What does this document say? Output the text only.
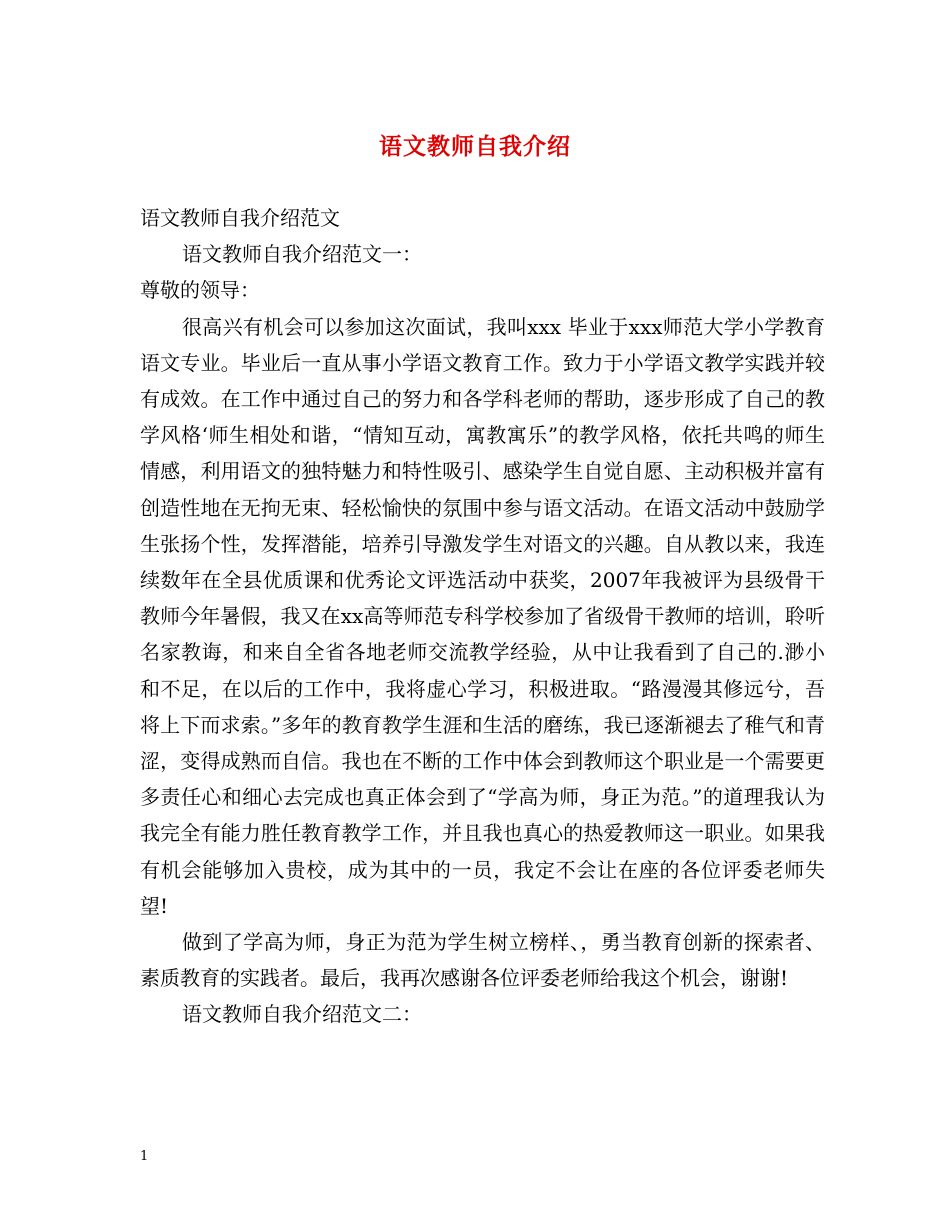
语文教师自我介绍

语文教师自我介绍范文

语文教师自我介绍范文一：

尊敬的领导：

很高兴有机会可以参加这次面试，我叫xxx 毕业于xxx师范大学小学教育语文专业。毕业后一直从事小学语文教育工作。致力于小学语文教学实践并较有成效。在工作中通过自己的努力和各学科老师的帮助，逐步形成了自己的教学风格‘师生相处和谐，“情知互动，寓教寓乐”的教学风格，依托共鸣的师生情感，利用语文的独特魅力和特性吸引、感染学生自觉自愿、主动积极并富有创造性地在无拘无束、轻松愉快的氛围中参与语文活动。在语文活动中鼓励学生张扬个性，发挥潜能，培养引导激发学生对语文的兴趣。自从教以来，我连续数年在全县优质课和优秀论文评选活动中获奖，2007年我被评为县级骨干教师今年暑假，我又在xx高等师范专科学校参加了省级骨干教师的培训，聆听名家教诲，和来自全省各地老师交流教学经验，从中让我看到了自己的.渺小和不足，在以后的工作中，我将虚心学习，积极进取。“路漫漫其修远兮，吾将上下而求索。”多年的教育教学生涯和生活的磨练，我已逐渐褪去了稚气和青涩，变得成熟而自信。我也在不断的工作中体会到教师这个职业是一个需要更多责任心和细心去完成也真正体会到了“学高为师，身正为范。”的道理我认为我完全有能力胜任教育教学工作，并且我也真心的热爱教师这一职业。如果我有机会能够加入贵校，成为其中的一员，我定不会让在座的各位评委老师失望!

做到了学高为师，身正为范为学生树立榜样、，勇当教育创新的探索者、素质教育的实践者。最后，我再次感谢各位评委老师给我这个机会，谢谢!

语文教师自我介绍范文二：

1
